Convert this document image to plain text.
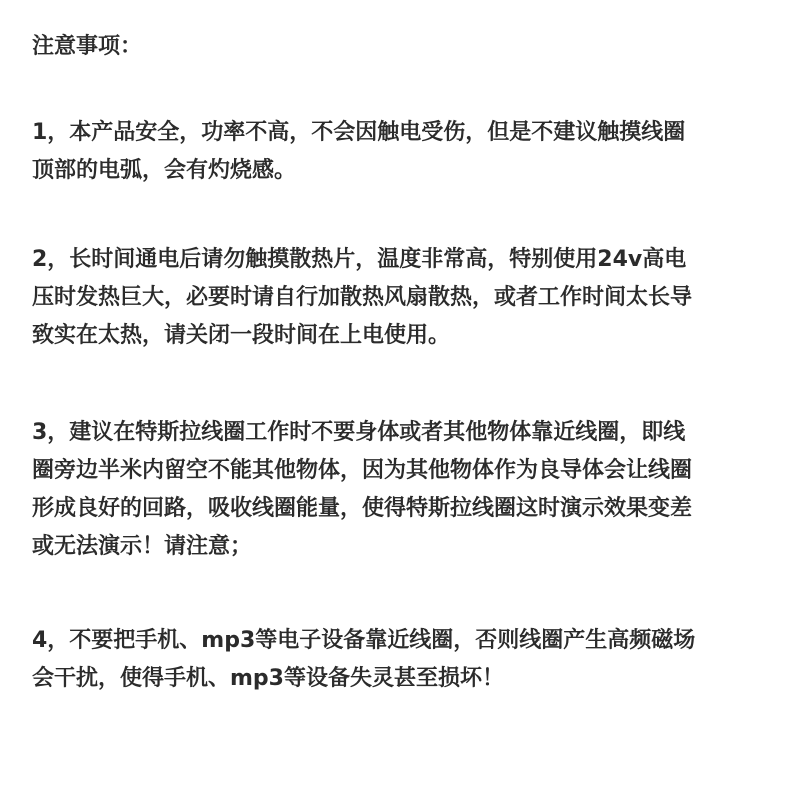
注意事项：
1，本产品安全，功率不高，不会因触电受伤，但是不建议触摸线圈
顶部的电弧，会有灼烧感。
2，长时间通电后请勿触摸散热片，温度非常高，特别使用24v高电
压时发热巨大，必要时请自行加散热风扇散热，或者工作时间太长导
致实在太热，请关闭一段时间在上电使用。
3，建议在特斯拉线圈工作时不要身体或者其他物体靠近线圈，即线
圈旁边半米内留空不能其他物体，因为其他物体作为良导体会让线圈
形成良好的回路，吸收线圈能量，使得特斯拉线圈这时演示效果变差
或无法演示！请注意；
4，不要把手机、mp3等电子设备靠近线圈，否则线圈产生高频磁场
会干扰，使得手机、mp3等设备失灵甚至损坏！
